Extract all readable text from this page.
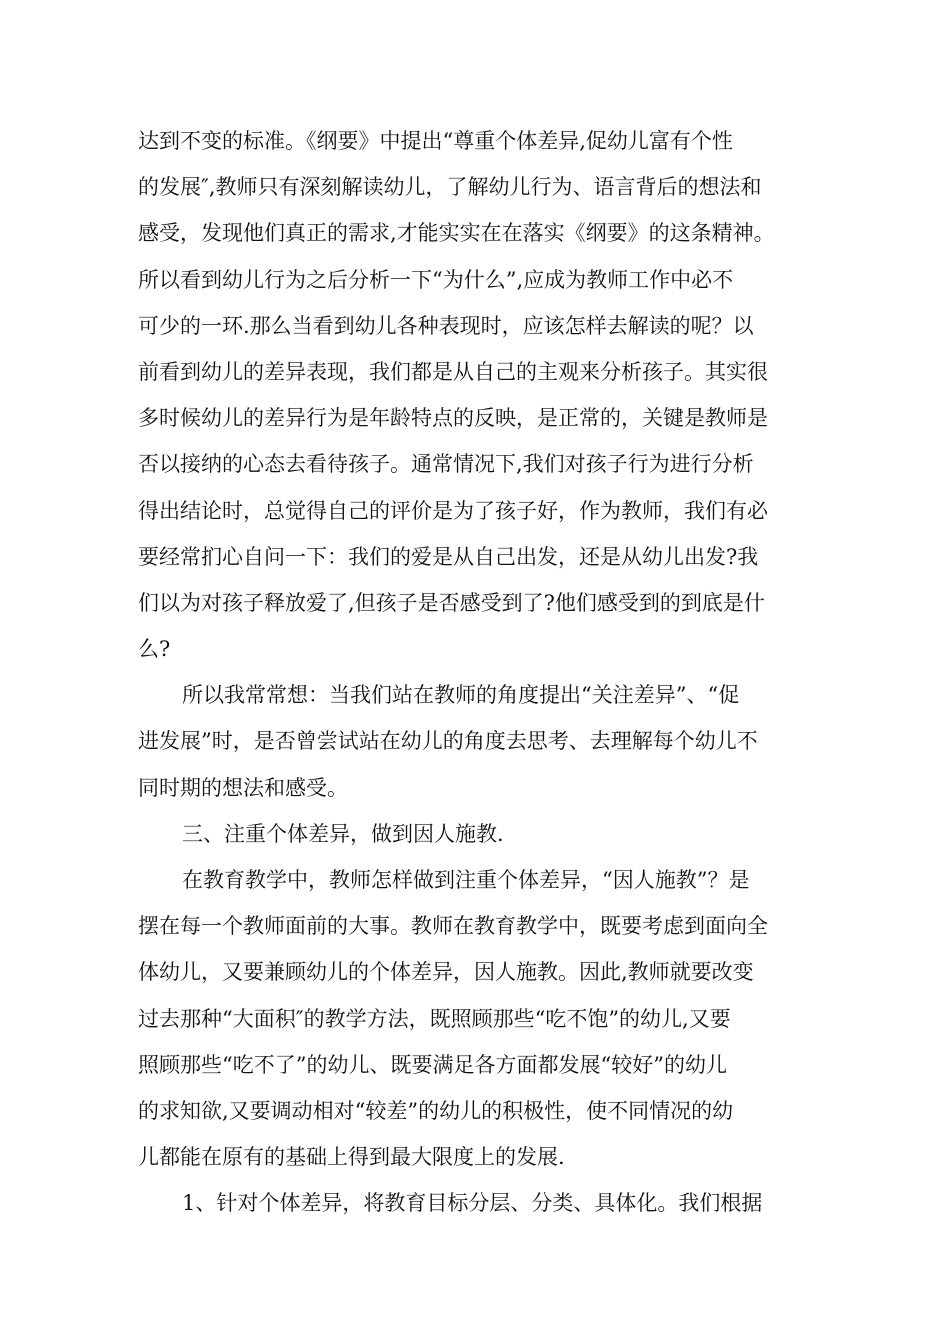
达到不变的标准。《纲要》中提出“尊重个体差异,促幼儿富有个性
的发展″,教师只有深刻解读幼儿，了解幼儿行为、语言背后的想法和
感受，发现他们真正的需求,才能实实在在落实《纲要》的这条精神。
所以看到幼儿行为之后分析一下“为什么”,应成为教师工作中必不
可少的一环.那么当看到幼儿各种表现时，应该怎样去解读的呢？以
前看到幼儿的差异表现，我们都是从自己的主观来分析孩子。其实很
多时候幼儿的差异行为是年龄特点的反映，是正常的，关键是教师是
否以接纳的心态去看待孩子。通常情况下,我们对孩子行为进行分析
得出结论时，总觉得自己的评价是为了孩子好，作为教师，我们有必
要经常扪心自问一下：我们的爱是从自己出发，还是从幼儿出发?我
们以为对孩子释放爱了,但孩子是否感受到了?他们感受到的到底是什
么?
所以我常常想：当我们站在教师的角度提出“关注差异”、“促
进发展”时，是否曾尝试站在幼儿的角度去思考、去理解每个幼儿不
同时期的想法和感受。
三、注重个体差异，做到因人施教.
在教育教学中，教师怎样做到注重个体差异，“因人施教”？是
摆在每一个教师面前的大事。教师在教育教学中，既要考虑到面向全
体幼儿，又要兼顾幼儿的个体差异，因人施教。因此,教师就要改变
过去那种“大面积″的教学方法，既照顾那些“吃不饱”的幼儿,又要
照顾那些“吃不了”的幼儿、既要满足各方面都发展“较好”的幼儿
的求知欲,又要调动相对“较差”的幼儿的积极性，使不同情况的幼
儿都能在原有的基础上得到最大限度上的发展.
1、针对个体差异，将教育目标分层、分类、具体化。我们根据
